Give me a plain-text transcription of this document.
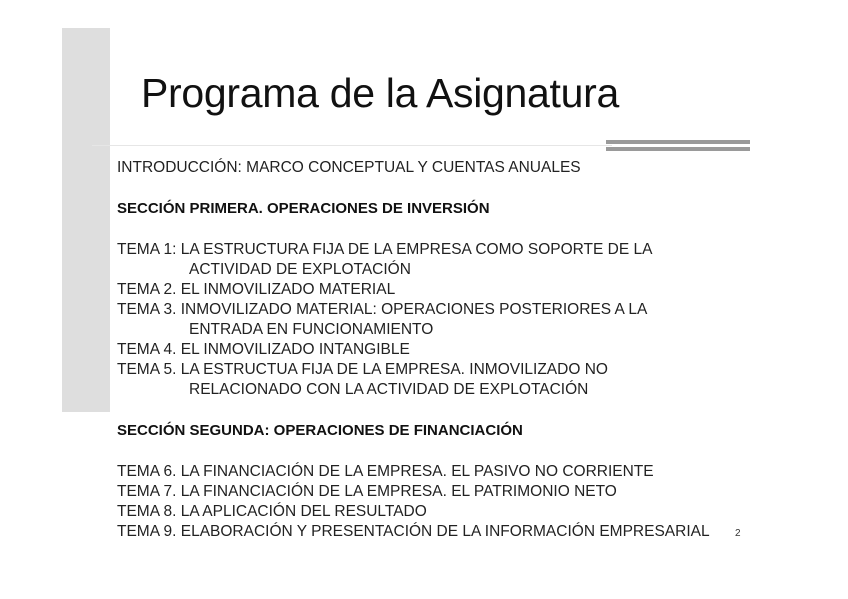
Programa de la Asignatura
INTRODUCCIÓN: MARCO CONCEPTUAL Y CUENTAS ANUALES
SECCIÓN PRIMERA. OPERACIONES DE INVERSIÓN
TEMA 1: LA ESTRUCTURA FIJA DE LA EMPRESA COMO SOPORTE DE LA
ACTIVIDAD DE EXPLOTACIÓN
TEMA 2. EL INMOVILIZADO MATERIAL
TEMA 3. INMOVILIZADO MATERIAL: OPERACIONES POSTERIORES A LA
ENTRADA EN FUNCIONAMIENTO
TEMA 4. EL INMOVILIZADO INTANGIBLE
TEMA 5. LA ESTRUCTUA FIJA DE LA EMPRESA. INMOVILIZADO NO
RELACIONADO CON LA ACTIVIDAD DE EXPLOTACIÓN
SECCIÓN SEGUNDA: OPERACIONES DE FINANCIACIÓN
TEMA 6. LA FINANCIACIÓN DE LA EMPRESA. EL PASIVO NO CORRIENTE
TEMA 7. LA FINANCIACIÓN DE LA EMPRESA. EL PATRIMONIO NETO
TEMA 8. LA APLICACIÓN DEL RESULTADO
TEMA 9. ELABORACIÓN Y PRESENTACIÓN DE LA INFORMACIÓN EMPRESARIAL	2
